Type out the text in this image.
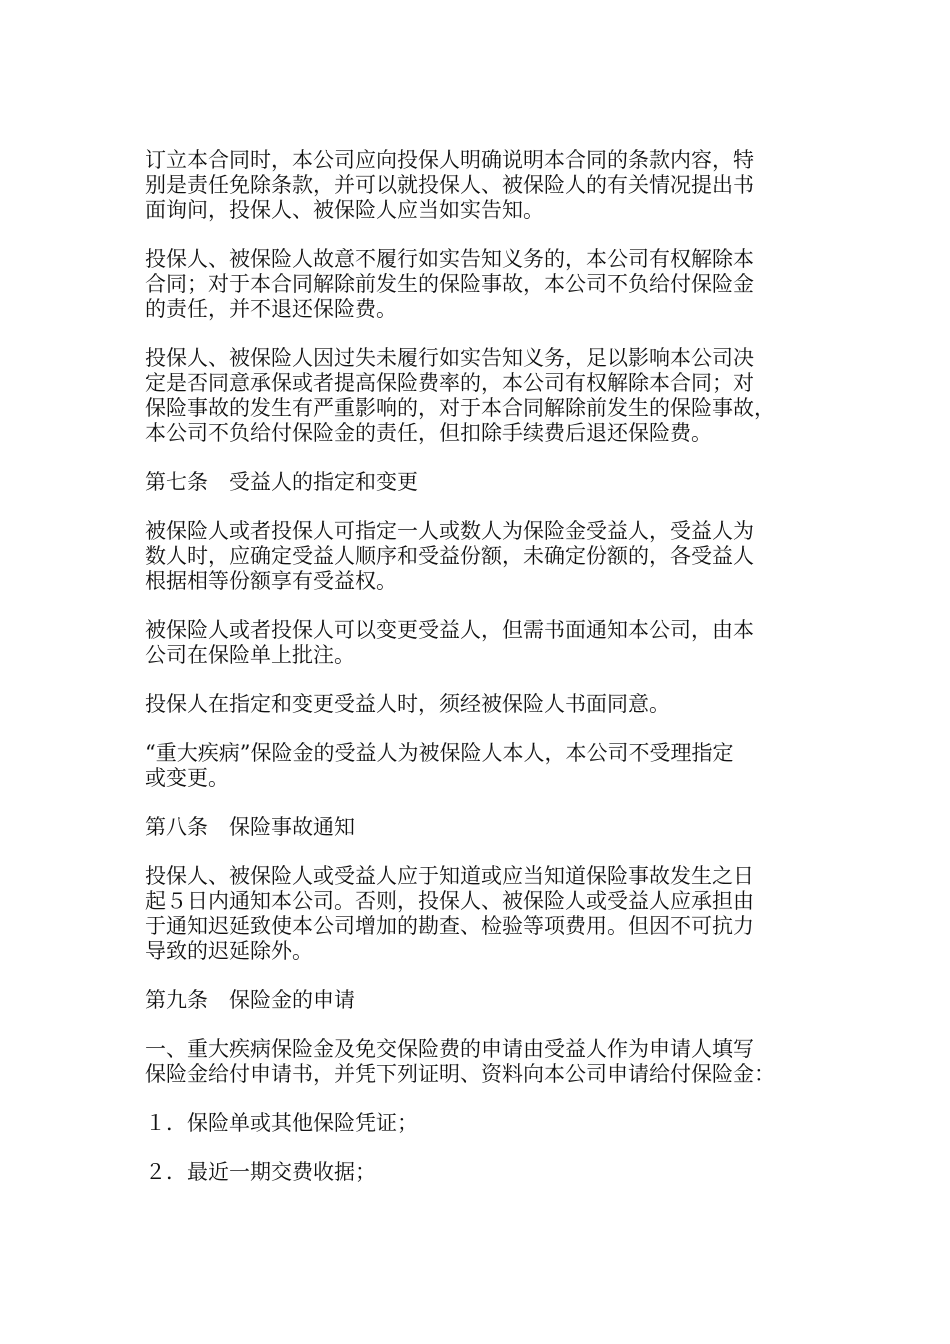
订立本合同时，本公司应向投保人明确说明本合同的条款内容，特
别是责任免除条款，并可以就投保人、被保险人的有关情况提出书
面询问，投保人、被保险人应当如实告知。
投保人、被保险人故意不履行如实告知义务的，本公司有权解除本
合同；对于本合同解除前发生的保险事故，本公司不负给付保险金
的责任，并不退还保险费。
投保人、被保险人因过失未履行如实告知义务，足以影响本公司决
定是否同意承保或者提高保险费率的，本公司有权解除本合同；对
保险事故的发生有严重影响的，对于本合同解除前发生的保险事故，
本公司不负给付保险金的责任，但扣除手续费后退还保险费。
第七条　受益人的指定和变更
被保险人或者投保人可指定一人或数人为保险金受益人，受益人为
数人时，应确定受益人顺序和受益份额，未确定份额的，各受益人
根据相等份额享有受益权。
被保险人或者投保人可以变更受益人，但需书面通知本公司，由本
公司在保险单上批注。
投保人在指定和变更受益人时，须经被保险人书面同意。
“重大疾病”保险金的受益人为被保险人本人，本公司不受理指定
或变更。
第八条　保险事故通知
投保人、被保险人或受益人应于知道或应当知道保险事故发生之日
起５日内通知本公司。否则，投保人、被保险人或受益人应承担由
于通知迟延致使本公司增加的勘查、检验等项费用。但因不可抗力
导致的迟延除外。
第九条　保险金的申请
一、重大疾病保险金及免交保险费的申请由受益人作为申请人填写
保险金给付申请书，并凭下列证明、资料向本公司申请给付保险金：
１．保险单或其他保险凭证；
２．最近一期交费收据；
